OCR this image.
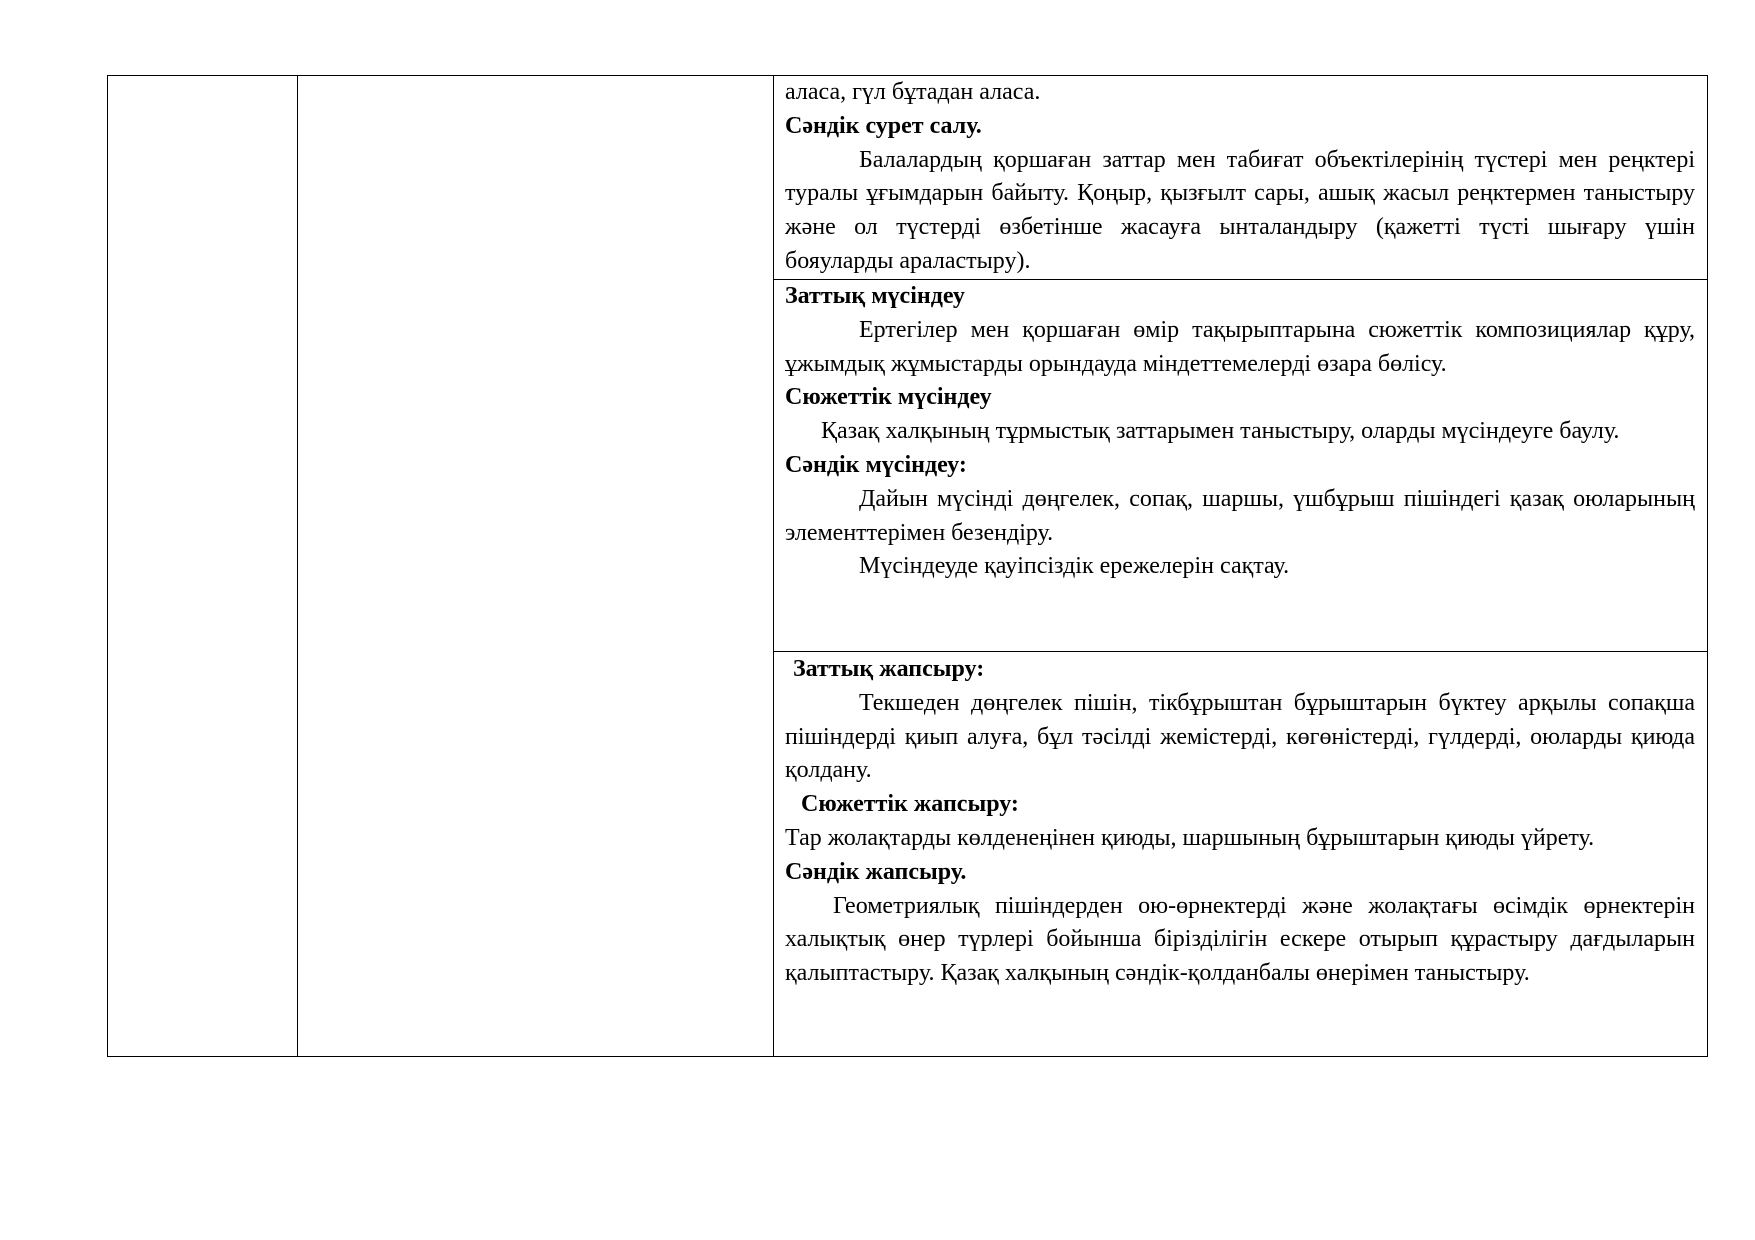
аласа, гүл бұтадан аласа.

Сәндік сурет салу.

Балалардың қоршаған заттар мен табиғат объектілерінің түстері мен реңктері туралы ұғымдарын байыту. Қоңыр, қызғылт сары, ашық жасыл реңктермен таныстыру және ол түстерді өзбетінше жасауға ынталандыру (қажетті түсті шығару үшін бояуларды араластыру).

Заттық мүсіндеу

Ертегілер мен қоршаған өмір тақырыптарына сюжеттік композициялар құру, ұжымдық жұмыстарды орындауда міндеттемелерді өзара бөлісу.

Сюжеттік мүсіндеу

Қазақ халқының тұрмыстық заттарымен таныстыру, оларды мүсіндеуге баулу.

Сәндік мүсіндеу:

Дайын мүсінді дөңгелек, сопақ, шаршы, үшбұрыш пішіндегі қазақ оюларының элементтерімен безендіру.

Мүсіндеуде қауіпсіздік ережелерін сақтау.

Заттық жапсыру:

Текшеден дөңгелек пішін, тікбұрыштан бұрыштарын бүктеу арқылы сопақша пішіндерді қиып алуға, бұл тәсілді жемістерді, көгөністерді, гүлдерді, оюларды қиюда қолдану.

Сюжеттік жапсыру:

Тар жолақтарды көлденеңінен қиюды, шаршының бұрыштарын қиюды үйрету.

Сәндік жапсыру.

Геометриялық пішіндерден ою-өрнектерді және жолақтағы өсімдік өрнектерін халықтық өнер түрлері бойынша бірізділігін ескере отырып құрастыру дағдыларын қалыптастыру. Қазақ халқының сәндік-қолданбалы өнерімен таныстыру.
